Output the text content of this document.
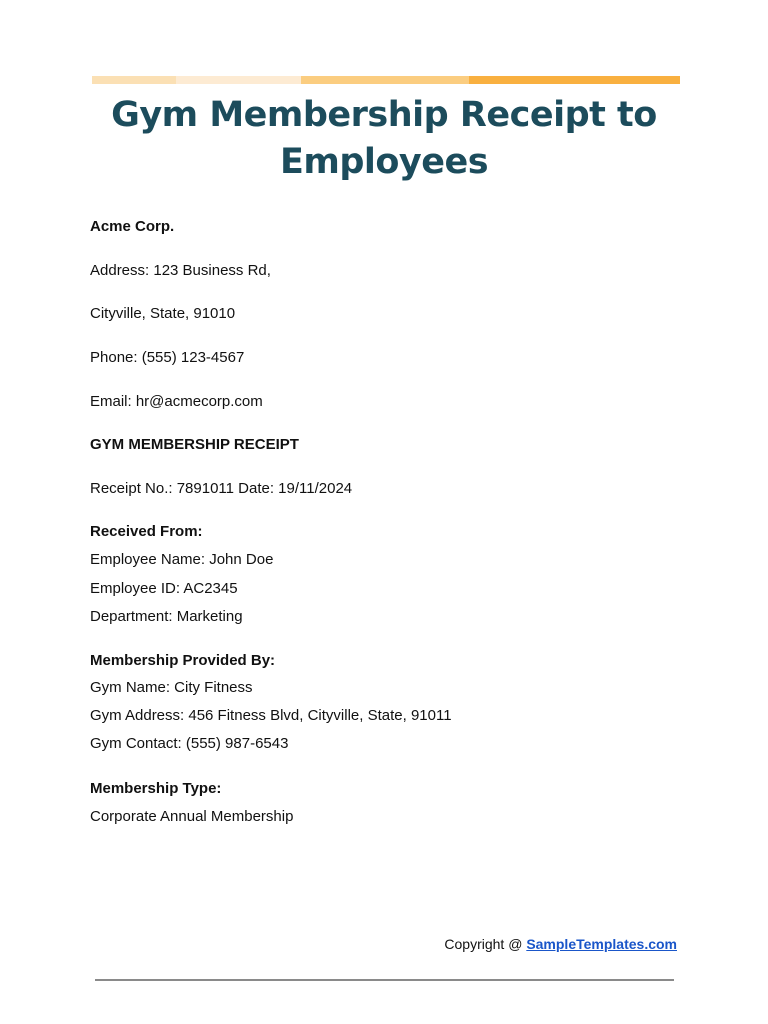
Gym Membership Receipt to Employees

Acme Corp.

Address: 123 Business Rd,

Cityville, State, 91010

Phone: (555) 123-4567

Email: hr@acmecorp.com

GYM MEMBERSHIP RECEIPT

Receipt No.: 7891011 Date: 19/11/2024

Received From:

Employee Name: John Doe

Employee ID: AC2345

Department: Marketing

Membership Provided By:

Gym Name: City Fitness

Gym Address: 456 Fitness Blvd, Cityville, State, 91011

Gym Contact: (555) 987-6543

Membership Type:

Corporate Annual Membership

Copyright @ SampleTemplates.com
